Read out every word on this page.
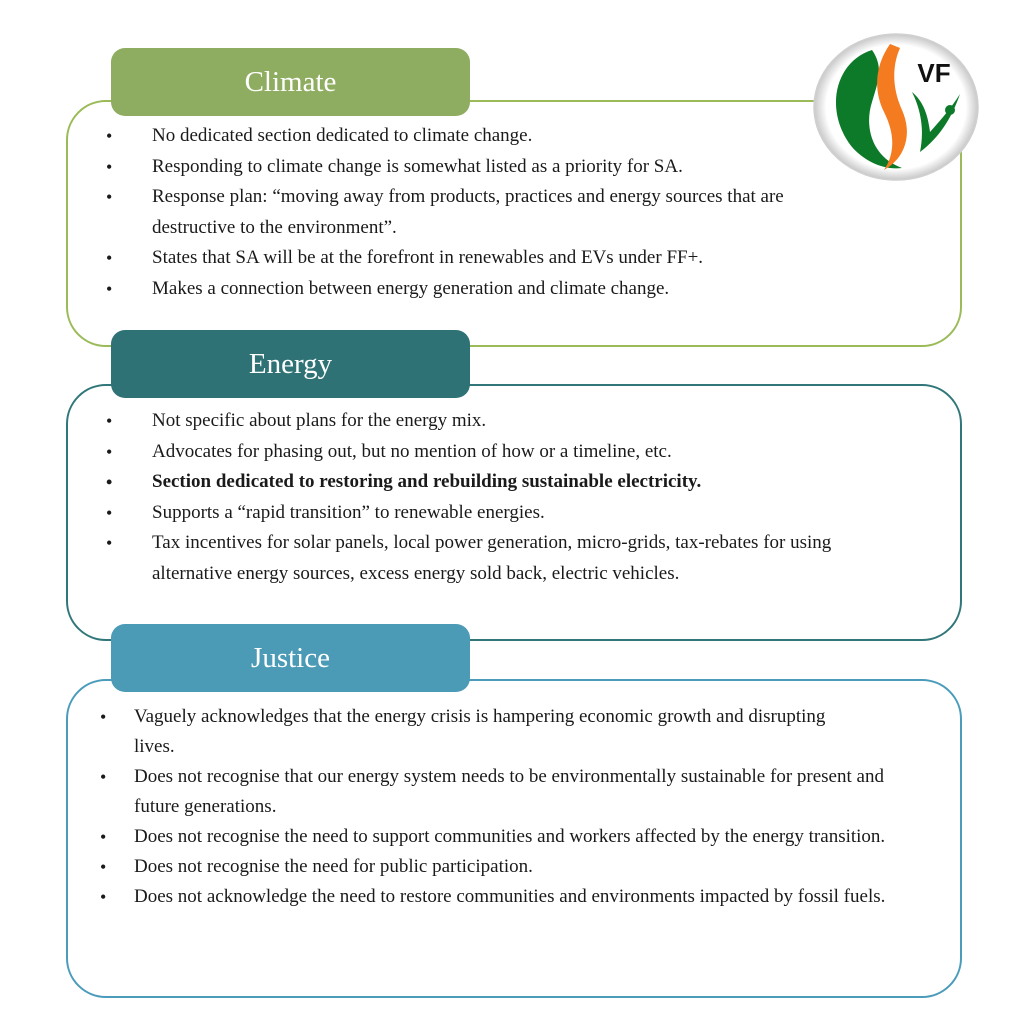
Climate
• No dedicated section dedicated to climate change.
• Responding to climate change is somewhat listed as a priority for SA.
• Response plan: “moving away from products, practices and energy sources that are destructive to the environment”.
• States that SA will be at the forefront in renewables and EVs under FF+.
• Makes a connection between energy generation and climate change.
Energy
• Not specific about plans for the energy mix.
• Advocates for phasing out, but no mention of how or a timeline, etc.
• Section dedicated to restoring and rebuilding sustainable electricity.
• Supports a “rapid transition” to renewable energies.
• Tax incentives for solar panels, local power generation, micro-grids, tax-rebates for using alternative energy sources, excess energy sold back, electric vehicles.
Justice
• Vaguely acknowledges that the energy crisis is hampering economic growth and disrupting lives.
• Does not recognise that our energy system needs to be environmentally sustainable for present and future generations.
• Does not recognise the need to support communities and workers affected by the energy transition.
• Does not recognise the need for public participation.
• Does not acknowledge the need to restore communities and environments impacted by fossil fuels.
VF
